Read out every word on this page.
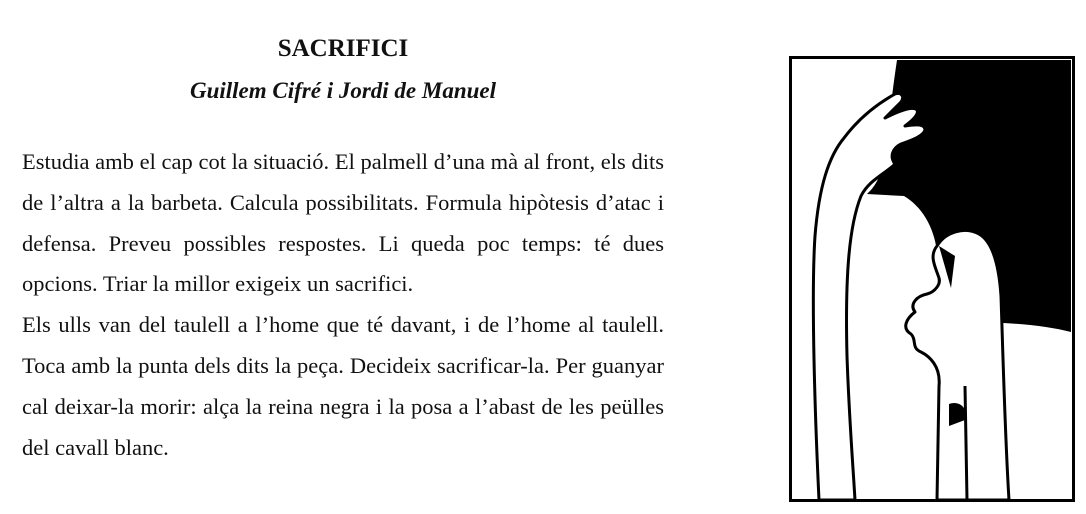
SACRIFICI
Guillem Cifré i Jordi de Manuel

Estudia amb el cap cot la situació. El palmell d’una mà al front, els dits de l’altra a la barbeta. Calcula possibilitats. Formula hipòtesis d’atac i defensa. Preveu possibles respostes. Li queda poc temps: té dues opcions. Triar la millor exigeix un sacrifici.

Els ulls van del taulell a l’home que té davant, i de l’home al taulell. Toca amb la punta dels dits la peça. Decideix sacrificar-la. Per guanyar cal deixar-la morir: alça la reina negra i la posa a l’abast de les peülles del cavall blanc.
